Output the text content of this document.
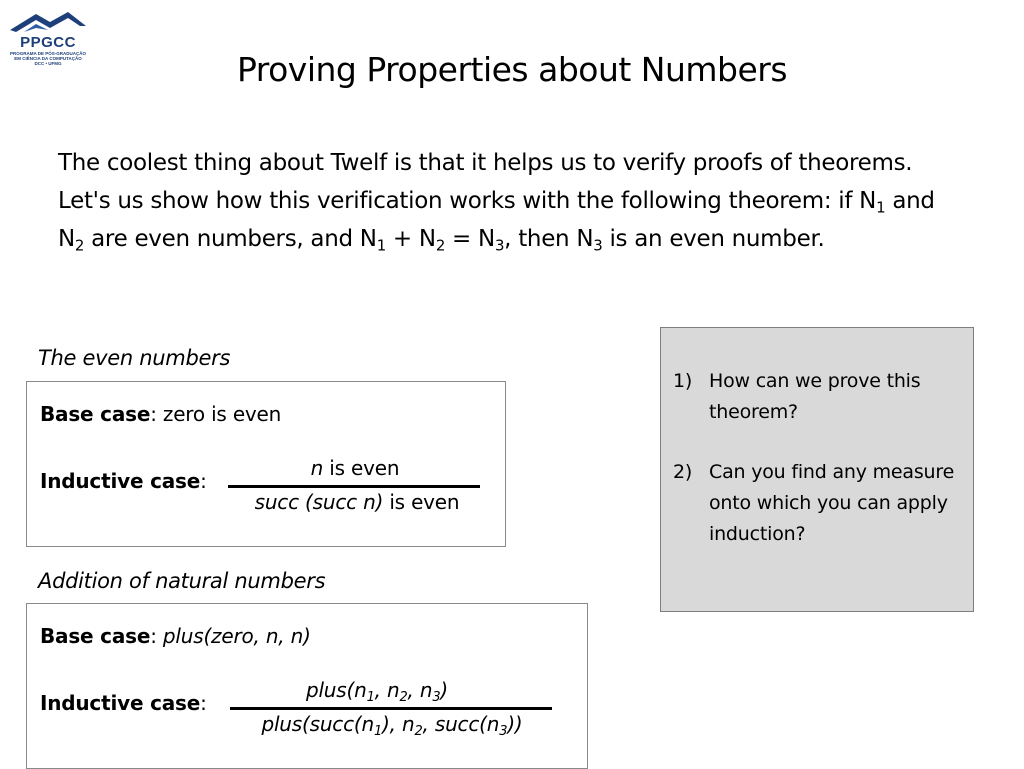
PPGCC
PROGRAMA DE PÓS-GRADUAÇÃO
EM CIÊNCIA DA COMPUTAÇÃO
DCC • UFMG	Proving Properties about Numbers

The coolest thing about Twelf is that it helps us to verify proofs of theorems. Let's us show how this verification works with the following theorem: if $N_1$ and $N_2$ are even numbers, and $N_1 + N_2 = N_3$, then $N_3$ is an even number.

The even numbers
Base case: zero is even
Inductive case:
n is even
succ (succ n) is even
Addition of natural numbers
Base case: plus(zero, n, n)
Inductive case:
$plus(n_1$, $n_2$, $n_3$)
$plus(succ(n_1)$, $n_2$, $succ(n_3)$)
1) How can we prove this theorem?
2) Can you find any measure onto which you can apply induction?
